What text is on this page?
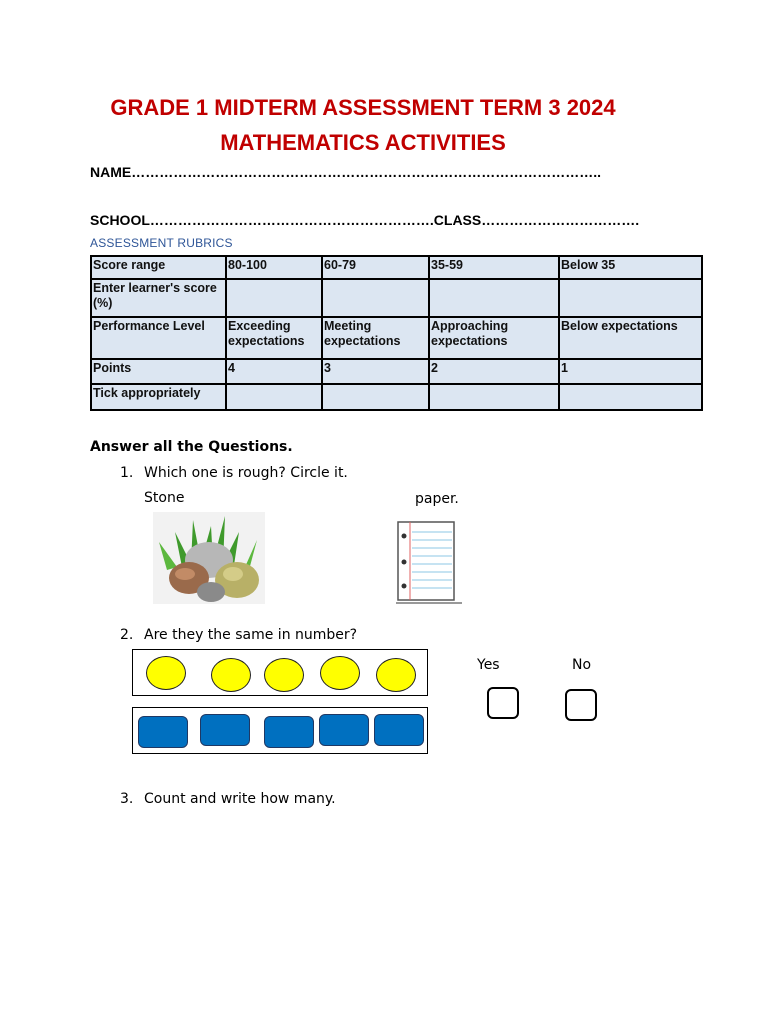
GRADE 1 MIDTERM ASSESSMENT TERM 3 2024
MATHEMATICS ACTIVITIES
NAME………………………………………………………………………………………..
SCHOOL…………………………………………………….CLASS…………………………….
ASSESSMENT RUBRICS
Score range	80-100	60-79	35-59	Below 35
Enter learner's score (%)				
Performance Level	Exceeding expectations	Meeting expectations	Approaching expectations	Below expectations
Points	4	3	2	1
Tick appropriately				
Answer all the Questions.
1. Which one is rough? Circle it.
Stone	paper.
2. Are they the same in number?
Yes	No
3. Count and write how many.
